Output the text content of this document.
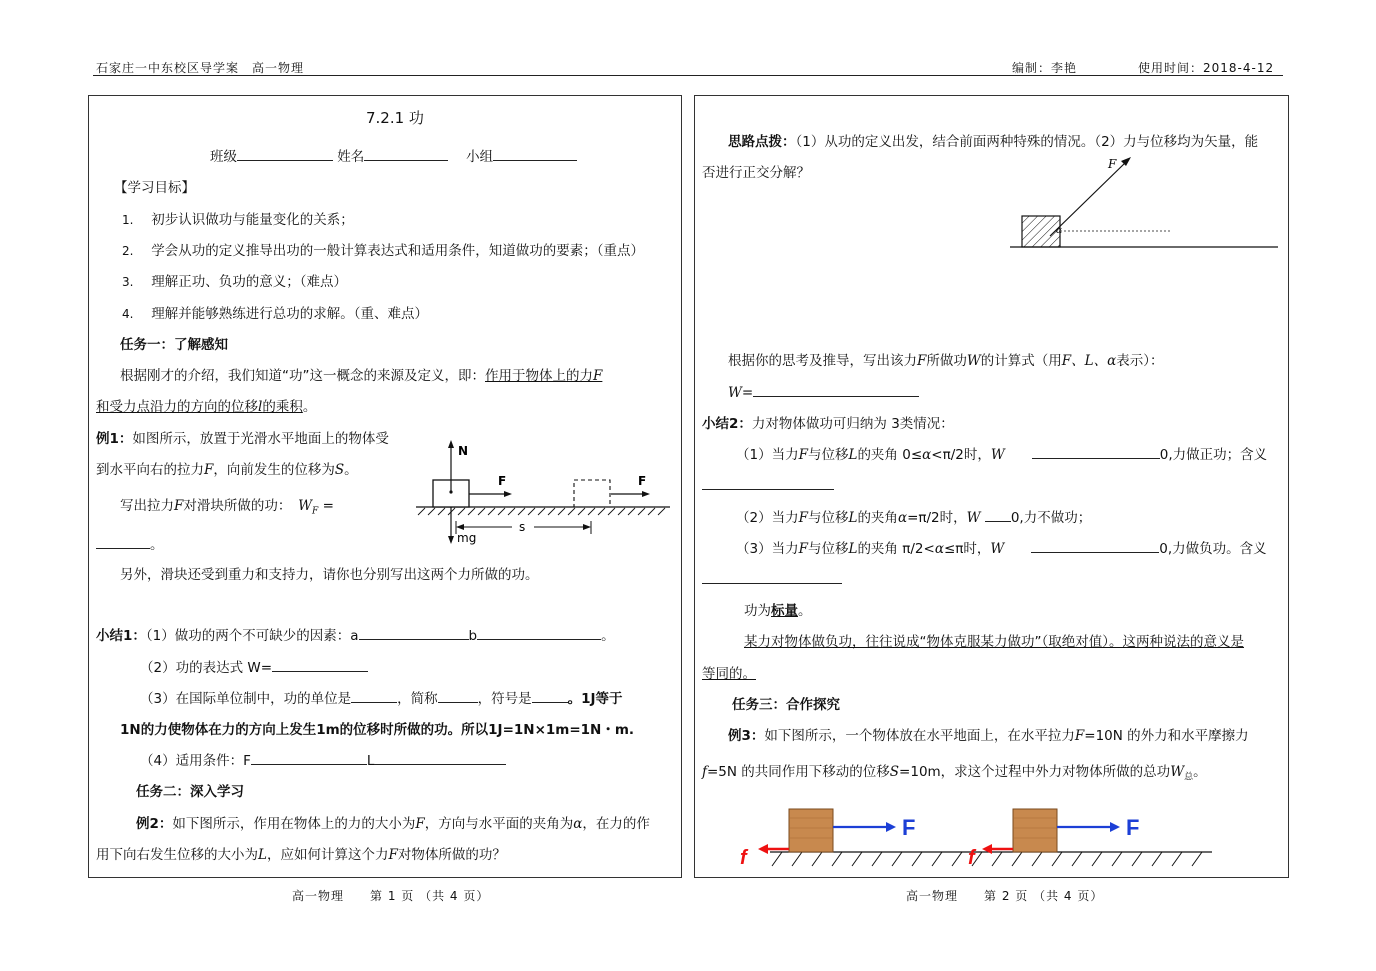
石家庄一中东校区导学案　 高一物理	编制：李艳	使用时间：2018-4-12
7.2.1 功
班级	姓名 　	小组
【学习目标】
1.　 初步认识做功与能量变化的关系；
2.　 学会从功的定义推导出功的一般计算表达式和适用条件，知道做功的要素；（重点）
3.　 理解正功、负功的意义；（难点）
4.　 理解并能够熟练进行总功的求解。（重、难点）
任务一：了解感知
根据刚才的介绍，我们知道“功”这一概念的来源及定义，即：作用于物体上的力F
和受力点沿力的方向的位移l的乘积。
例1：如图所示，放置于光滑水平地面上的物体受
到水平向右的拉力F，向前发生的位移为S。
写出拉力F对滑块所做的功：　 $W_F$ =
。
N
F	F
mg
s
另外，滑块还受到重力和支持力，请你也分别写出这两个力所做的功。
小结1：（1）做功的两个不可缺少的因素：a	b	。
（2）功的表达式 W=
（3）在国际单位制中，功的单位是	，简称	，符号是	。1J等于
1N的力使物体在力的方向上发生1m的位移时所做的功。所以1J=1N×1m=1N・m.
（4）适用条件：F	L
任务二：深入学习
例2：如下图所示，作用在物体上的力的大小为F，方向与水平面的夹角为α，在力的作
用下向右发生位移的大小为L，应如何计算这个力F对物体所做的功？
高一物理　　第 1 页 （共 4 页）
思路点拨：（1）从功的定义出发，结合前面两种特殊的情况。（2）力与位移均为矢量，能
否进行正交分解？
F
α
根据你的思考及推导，写出该力F所做功W的计算式（用F、L、α表示）：
W=
小结2：力对物体做功可归纳为 3类情况：
（1）当力F与位移L的夹角 0≤α<π/2时，W　　	0,力做正功；含义
（2）当力F与位移L的夹角α=π/2时，W 0,力不做功；
（3）当力F与位移L的夹角 π/2<α≤π时，W　　	0,力做负功。含义
功为标量。
某力对物体做负功，往往说成“物体克服某力做功”（取绝对值）。这两种说法的意义是
等同的。
任务三：合作探究
例3：如下图所示，一个物体放在水平地面上，在水平拉力F=10N 的外力和水平摩擦力
f=5N 的共同作用下移动的位移S=10m，求这个过程中外力对物体所做的总功$W_总$。
F
f
F
f
高一物理　　第 2 页 （共 4 页）
